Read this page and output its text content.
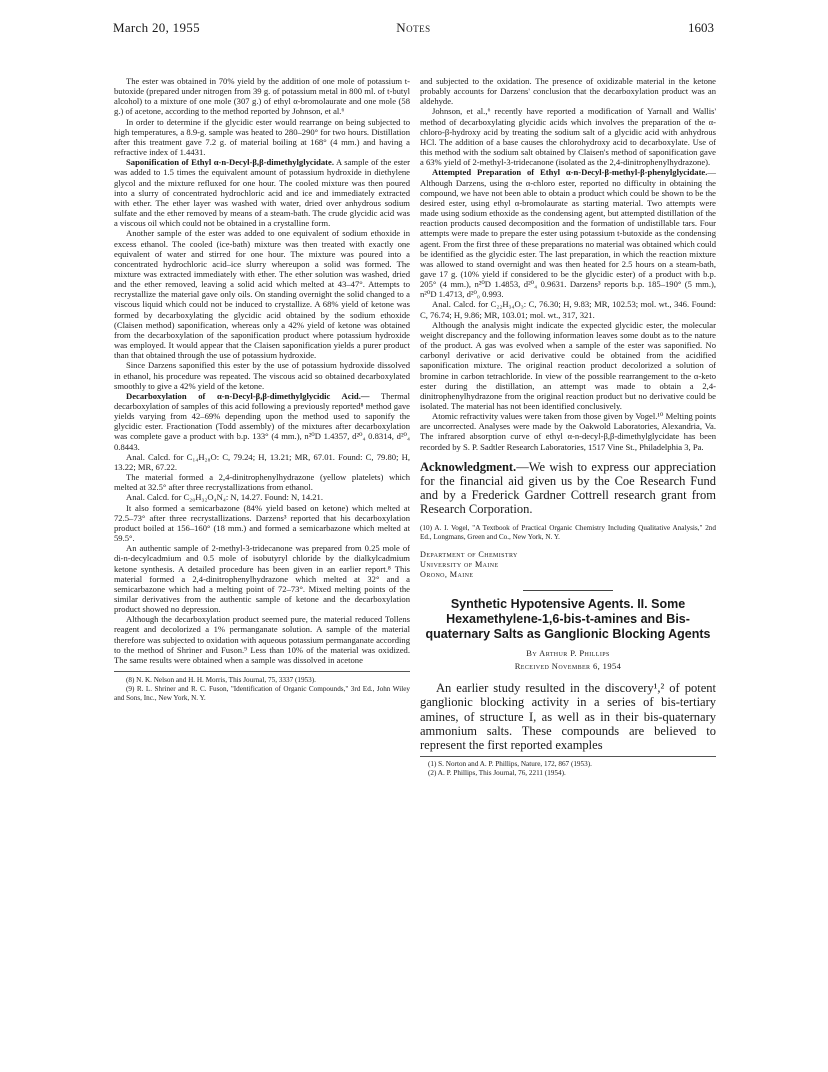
March 20, 1955	Notes	1603

The ester was obtained in 70% yield by the addition of one mole of potassium t-butoxide (prepared under nitrogen from 39 g. of potassium metal in 800 ml. of t-butyl alcohol) to a mixture of one mole (307 g.) of ethyl α-bromolaurate and one mole (58 g.) of acetone, according to the method reported by Johnson, et al.⁶

In order to determine if the glycidic ester would rearrange on being subjected to high temperatures, a 8.9-g. sample was heated to 280–290° for two hours. Distillation after this treatment gave 7.2 g. of material boiling at 168° (4 mm.) and having a refractive index of 1.4431.

Saponification of Ethyl α-n-Decyl-β,β-dimethylglycidate. A sample of the ester was added to 1.5 times the equivalent amount of potassium hydroxide in diethylene glycol and the mixture refluxed for one hour. The cooled mixture was then poured into a slurry of concentrated hydrochloric acid and ice and immediately extracted with ether. The ether layer was washed with water, dried over anhydrous sodium sulfate and the ether removed by means of a steam-bath. The crude glycidic acid was a viscous oil which could not be obtained in a crystalline form.

Another sample of the ester was added to one equivalent of sodium ethoxide in excess ethanol. The cooled (ice-bath) mixture was then treated with exactly one equivalent of water and stirred for one hour. The mixture was poured into a concentrated hydrochloric acid–ice slurry whereupon a solid was formed. The mixture was extracted immediately with ether. The ether solution was washed, dried and the ether removed, leaving a solid acid which melted at 43–47°. Attempts to recrystallize the material gave only oils. On standing overnight the solid changed to a viscous liquid which could not be induced to crystallize. A 68% yield of ketone was formed by decarboxylating the glycidic acid obtained by the sodium ethoxide (Claisen method) saponification, whereas only a 42% yield of ketone was obtained from the decarboxylation of the saponification product where potassium hydroxide was employed. It would appear that the Claisen saponification yields a purer product than that obtained through the use of potassium hydroxide.

Since Darzens saponified this ester by the use of potassium hydroxide dissolved in ethanol, his procedure was repeated. The viscous acid so obtained decarboxylated smoothly to give a 42% yield of the ketone.

Decarboxylation of α-n-Decyl-β,β-dimethylglycidic Acid.— Thermal decarboxylation of samples of this acid following a previously reported⁸ method gave yields varying from 42–69% depending upon the method used to saponify the glycidic ester. Fractionation (Todd assembly) of the mixtures after decarboxylation was complete gave a product with b.p. 133° (4 mm.), n²⁰D 1.4357, d²⁰₄ 0.8314, d²⁰₄ 0.8443.

Anal. Calcd. for C₁₄H₂₈O: C, 79.24; H, 13.21; MR, 67.01. Found: C, 79.80; H, 13.22; MR, 67.22.

The material formed a 2,4-dinitrophenylhydrazone (yellow platelets) which melted at 32.5° after three recrystallizations from ethanol.

Anal. Calcd. for C₂₀H₃₂O₄N₄: N, 14.27. Found: N, 14.21.

It also formed a semicarbazone (84% yield based on ketone) which melted at 72.5–73° after three recrystallizations. Darzens³ reported that his decarboxylation product boiled at 156–160° (18 mm.) and formed a semicarbazone which melted at 59.5°.

An authentic sample of 2-methyl-3-tridecanone was prepared from 0.25 mole of di-n-decylcadmium and 0.5 mole of isobutyryl chloride by the dialkylcadmium ketone synthesis. A detailed procedure has been given in an earlier report.⁸ This material formed a 2,4-dinitrophenylhydrazone which melted at 32° and a semicarbazone which had a melting point of 72–73°. Mixed melting points of the similar derivatives from the authentic sample of ketone and the decarboxylation product showed no depression.

Although the decarboxylation product seemed pure, the material reduced Tollens reagent and decolorized a 1% permanganate solution. A sample of the material therefore was subjected to oxidation with aqueous potassium permanganate according to the method of Shriner and Fuson.⁹ Less than 10% of the material was oxidized. The same results were obtained when a sample was dissolved in acetone

(8) N. K. Nelson and H. H. Morris, This Journal, 75, 3337 (1953).
(9) R. L. Shriner and R. C. Fuson, "Identification of Organic Compounds," 3rd Ed., John Wiley and Sons, Inc., New York, N. Y.

and subjected to the oxidation. The presence of oxidizable material in the ketone probably accounts for Darzens' conclusion that the decarboxylation product was an aldehyde.

Johnson, et al.,⁶ recently have reported a modification of Yarnall and Wallis' method of decarboxylating glycidic acids which involves the preparation of the α-chloro-β-hydroxy acid by treating the sodium salt of a glycidic acid with anhydrous HCl. The addition of a base causes the chlorohydroxy acid to decarboxylate. Use of this method with the sodium salt obtained by Claisen's method of saponification gave a 63% yield of 2-methyl-3-tridecanone (isolated as the 2,4-dinitrophenylhydrazone).

Attempted Preparation of Ethyl α-n-Decyl-β-methyl-β-phenylglycidate.—Although Darzens, using the α-chloro ester, reported no difficulty in obtaining the compound, we have not been able to obtain a product which could be shown to be the desired ester, using ethyl α-bromolaurate as starting material. Two attempts were made using sodium ethoxide as the condensing agent, but attempted distillation of the reaction products caused decomposition and the formation of undistillable tars. Four attempts were made to prepare the ester using potassium t-butoxide as the condensing agent. From the first three of these preparations no material was obtained which could be identified as the glycidic ester. The last preparation, in which the reaction mixture was allowed to stand overnight and was then heated for 2.5 hours on a steam-bath, gave 17 g. (10% yield if considered to be the glycidic ester) of a product with b.p. 205° (4 mm.), n²⁰D 1.4853, d²⁰₄ 0.9631. Darzens³ reports b.p. 185–190° (5 mm.), n²⁰D 1.4713, d²⁰₀ 0.993.

Anal. Calcd. for C₂₂H₃₄O₃: C, 76.30; H, 9.83; MR, 102.53; mol. wt., 346. Found: C, 76.74; H, 9.86; MR, 103.01; mol. wt., 317, 321.

Although the analysis might indicate the expected glycidic ester, the molecular weight discrepancy and the following information leaves some doubt as to the nature of the product. A gas was evolved when a sample of the ester was saponified. No carbonyl derivative or acid derivative could be obtained from the acidified saponification mixture. The original reaction product decolorized a solution of bromine in carbon tetrachloride. In view of the possible rearrangement to the α-keto ester during the distillation, an attempt was made to obtain a 2,4-dinitrophenylhydrazone from the original reaction product but no derivative could be isolated. The material has not been identified conclusively.

Atomic refractivity values were taken from those given by Vogel.¹⁰ Melting points are uncorrected. Analyses were made by the Oakwold Laboratories, Alexandria, Va. The infrared absorption curve of ethyl α-n-decyl-β,β-dimethylglycidate has been recorded by S. P. Sadtler Research Laboratories, 1517 Vine St., Philadelphia 3, Pa.

Acknowledgment.—We wish to express our appreciation for the financial aid given us by the Coe Research Fund and by a Frederick Gardner Cottrell research grant from Research Corporation.
(10) A. I. Vogel, "A Textbook of Practical Organic Chemistry Including Qualitative Analysis," 2nd Ed., Longmans, Green and Co., New York, N. Y.
Department of Chemistry
University of Maine
Orono, Maine
Synthetic Hypotensive Agents. II. Some Hexamethylene-1,6-bis-t-amines and Bis-quaternary Salts as Ganglionic Blocking Agents
By Arthur P. Phillips
Received November 6, 1954
An earlier study resulted in the discovery¹,² of potent ganglionic blocking activity in a series of bis-tertiary amines, of structure I, as well as in their bis-quaternary ammonium salts. These compounds are believed to represent the first reported examples
(1) S. Norton and A. P. Phillips, Nature, 172, 867 (1953).
(2) A. P. Phillips, This Journal, 76, 2211 (1954).
